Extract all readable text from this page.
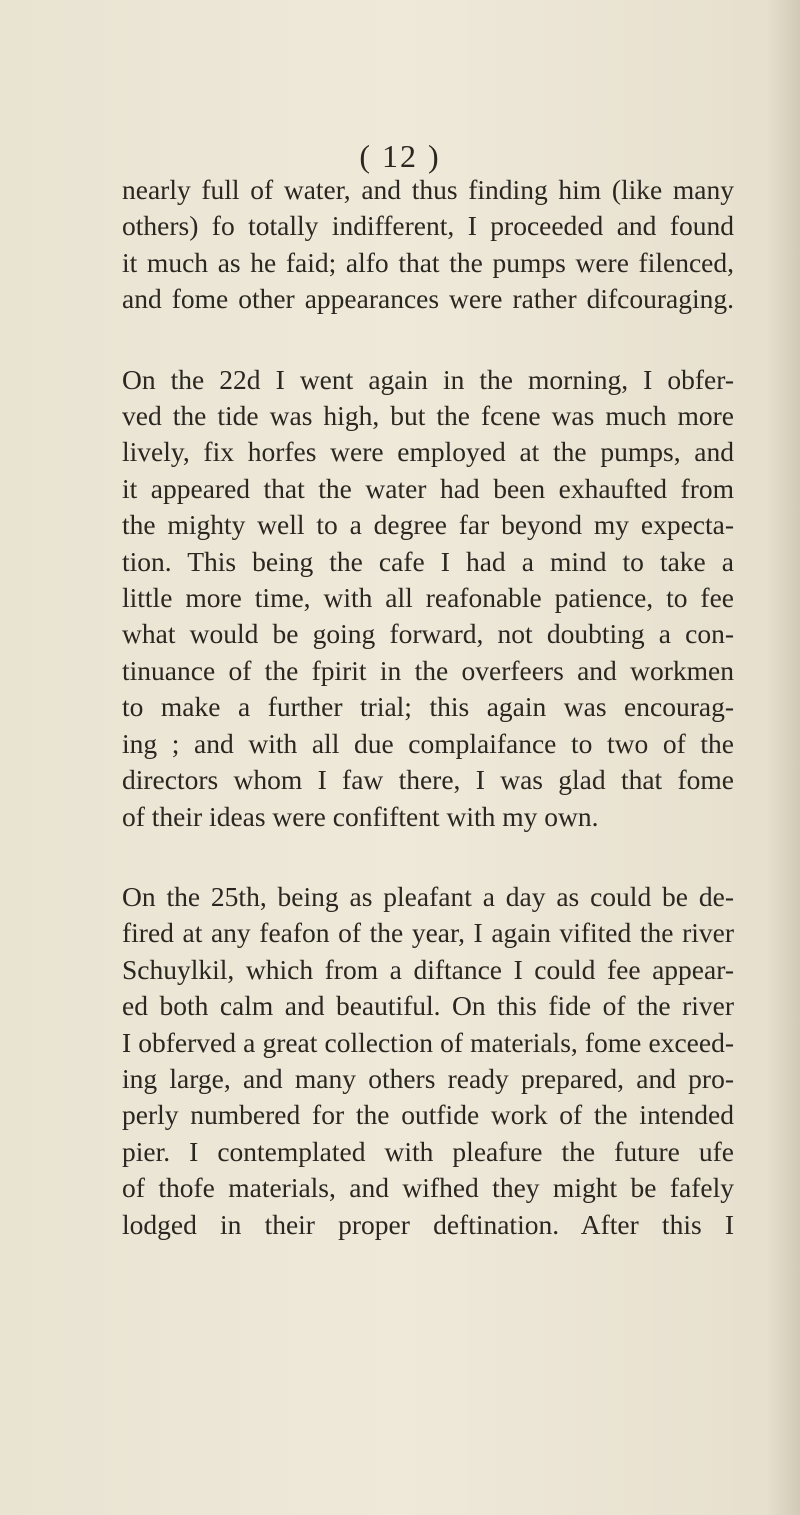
( 12 )

nearly full of water, and thus finding him (like many
others) fo totally indifferent, I proceeded and found
it much as he faid; alfo that the pumps were filenced,
and fome other appearances were rather difcouraging.

On the 22d I went again in the morning, I obfer-
ved the tide was high, but the fcene was much more
lively, fix horfes were employed at the pumps, and
it appeared that the water had been exhaufted from
the mighty well to a degree far beyond my expecta-
tion. This being the cafe I had a mind to take a
little more time, with all reafonable patience, to fee
what would be going forward, not doubting a con-
tinuance of the fpirit in the overfeers and workmen
to make a further trial; this again was encourag-
ing ; and with all due complaifance to two of the
directors whom I faw there, I was glad that fome
of their ideas were confiftent with my own.

On the 25th, being as pleafant a day as could be de-
fired at any feafon of the year, I again vifited the river
Schuylkil, which from a diftance I could fee appear-
ed both calm and beautiful. On this fide of the river
I obferved a great collection of materials, fome exceed-
ing large, and many others ready prepared, and pro-
perly numbered for the outfide work of the intended
pier. I contemplated with pleafure the future ufe
of thofe materials, and wifhed they might be fafely
lodged in their proper deftination. After this I
